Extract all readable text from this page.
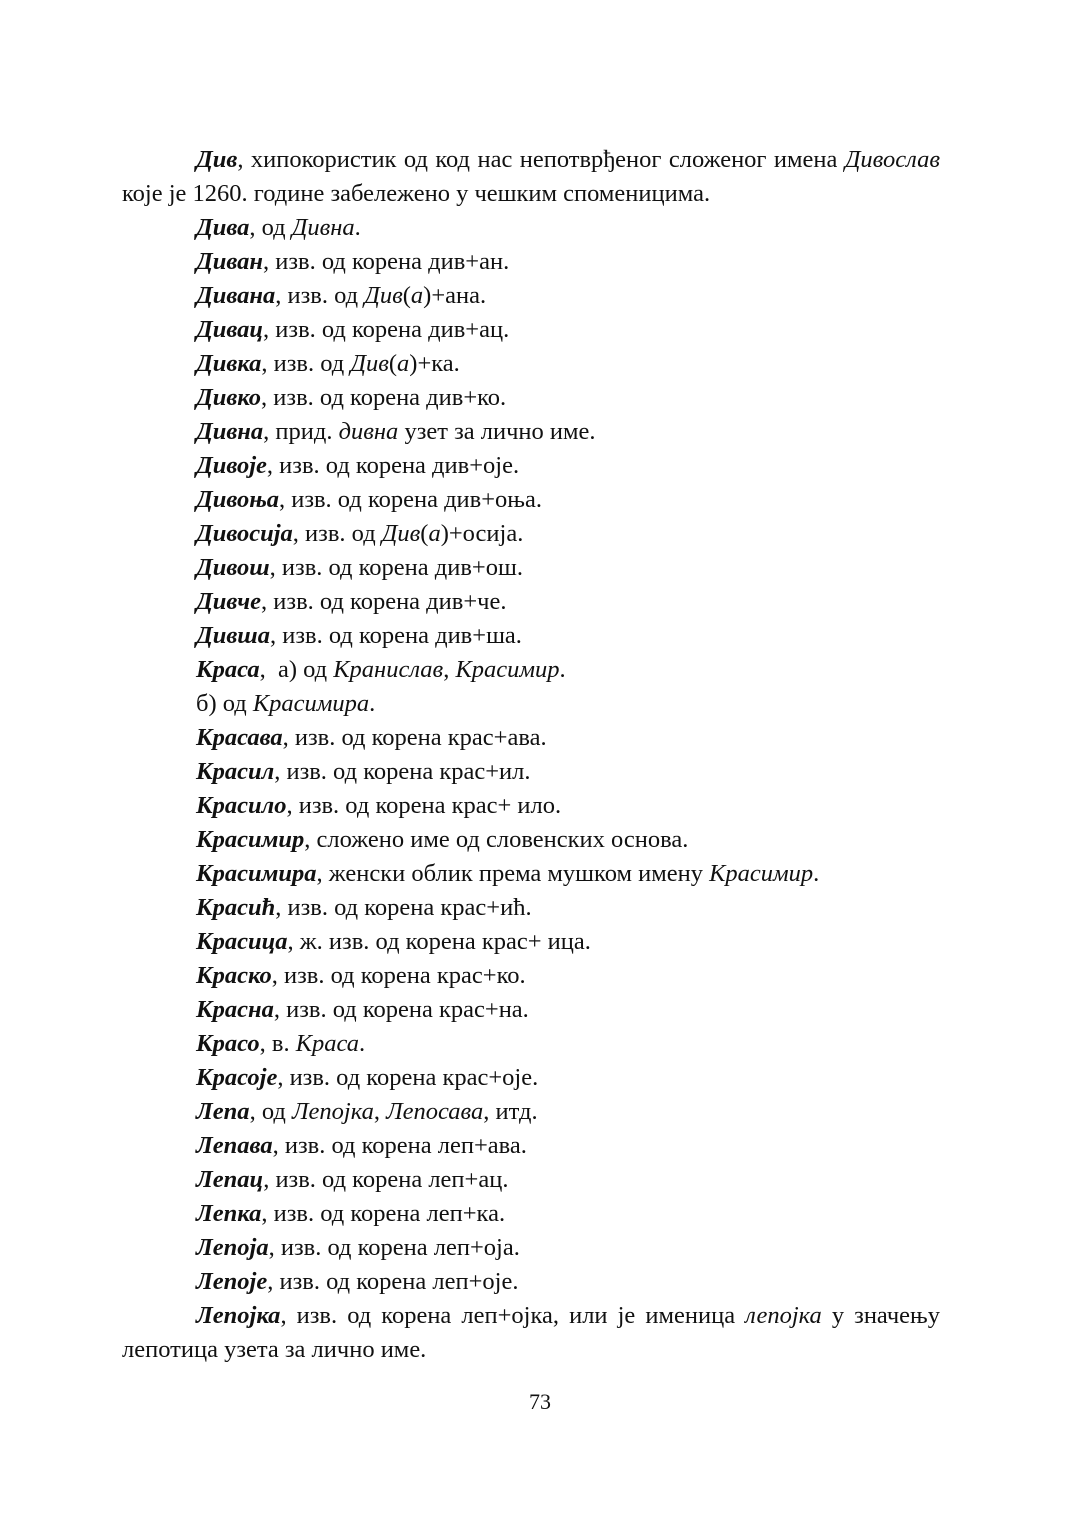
Див, хипокористик од код нас непотврђеног сложеног имена Дивослав које је 1260. године забележено у чешким споменицима.

Дива, од Дивна.

Диван, изв. од корена див+ан.

Дивана, изв. од Див(а)+ана.

Дивац, изв. од корена див+ац.

Дивка, изв. од Див(а)+ка.

Дивко, изв. од корена див+ко.

Дивна, прид. дивна узет за лично име.

Дивоје, изв. од корена див+оје.

Дивоња, изв. од корена див+оња.

Дивосија, изв. од Див(а)+осија.

Дивош, изв. од корена див+ош.

Дивче, изв. од корена див+че.

Дивша, изв. од корена див+ша.

Краса,  а) од Кранислав, Красимир.

б) од Красимира.

Красава, изв. од корена крас+ава.

Красил, изв. од корена крас+ил.

Красило, изв. од корена крас+ ило.

Красимир, сложено име од словенских основа.

Красимира, женски облик према мушком имену Красимир.

Красић, изв. од корена крас+ић.

Красица, ж. изв. од корена крас+ ица.

Краско, изв. од корена крас+ко.

Красна, изв. од корена крас+на.

Красо, в. Краса.

Красоје, изв. од корена крас+оје.

Лепа, од Лепојка, Лепосава, итд.

Лепава, изв. од корена леп+ава.

Лепац, изв. од корена леп+ац.

Лепка, изв. од корена леп+ка.

Лепоја, изв. од корена леп+оја.

Лепоје, изв. од корена леп+оје.

Лепојка, изв. од корена леп+ојка, или је именица лепојка у значењу лепотица узета за лично име.

73
